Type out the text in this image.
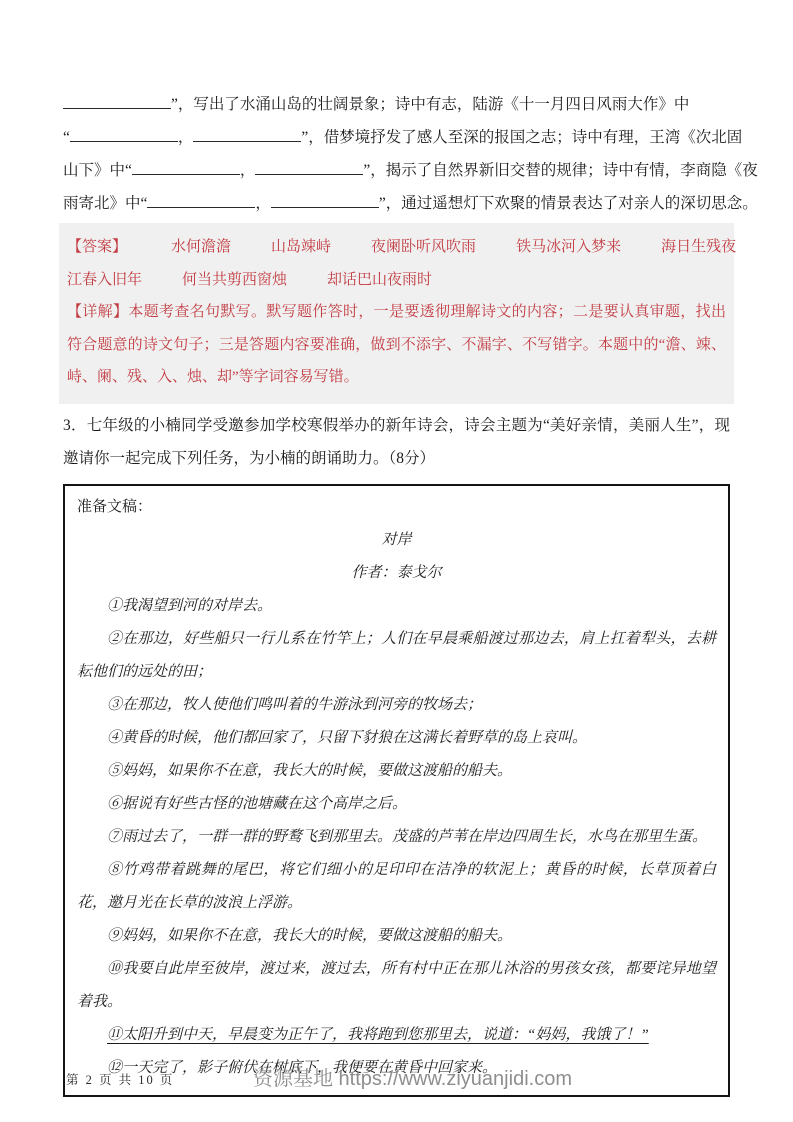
”，写出了水涌山岛的壮阔景象；诗中有志，陆游《十一月四日风雨大作》中
“	，	”，借梦境抒发了感人至深的报国之志；诗中有理，王湾《次北固
山下》中“	，	”，揭示了自然界新旧交替的规律；诗中有情，李商隐《夜
雨寄北》中“	，	”，通过遥想灯下欢聚的情景表达了对亲人的深切思念。
【答案】	水何澹澹	山岛竦峙	夜阑卧听风吹雨	铁马冰河入梦来	海日生残夜
江春入旧年	何当共剪西窗烛	却话巴山夜雨时

【详解】本题考查名句默写。默写题作答时，一是要透彻理解诗文的内容；二是要认真审题，找出符合题意的诗文句子；三是答题内容要准确，做到不添字、不漏字、不写错字。本题中的“澹、竦、峙、阑、残、入、烛、却”等字词容易写错。

3．七年级的小楠同学受邀参加学校寒假举办的新年诗会，诗会主题为“美好亲情，美丽人生”，现邀请你一起完成下列任务，为小楠的朗诵助力。（8分）

准备文稿：
对岸
作者：泰戈尔

①我渴望到河的对岸去。

②在那边，好些船只一行儿系在竹竿上；人们在早晨乘船渡过那边去，肩上扛着犁头，去耕耘他们的远处的田；

③在那边，牧人使他们鸣叫着的牛游泳到河旁的牧场去；

④黄昏的时候，他们都回家了，只留下豺狼在这满长着野草的岛上哀叫。

⑤妈妈，如果你不在意，我长大的时候，要做这渡船的船夫。

⑥据说有好些古怪的池塘藏在这个高岸之后。

⑦雨过去了，一群一群的野鹜飞到那里去。茂盛的芦苇在岸边四周生长，水鸟在那里生蛋。

⑧竹鸡带着跳舞的尾巴，将它们细小的足印印在洁净的软泥上；黄昏的时候，长草顶着白花，邀月光在长草的波浪上浮游。

⑨妈妈，如果你不在意，我长大的时候，要做这渡船的船夫。

⑩我要自此岸至彼岸，渡过来，渡过去，所有村中正在那儿沐浴的男孩女孩，都要诧异地望着我。

⑪太阳升到中天，早晨变为正午了，我将跑到您那里去，说道：“妈妈，我饿了！”

⑫一天完了，影子俯伏在树底下，我便要在黄昏中回家来。

第 2 页 共 10 页	资源基地 https://www.ziyuanjidi.com
